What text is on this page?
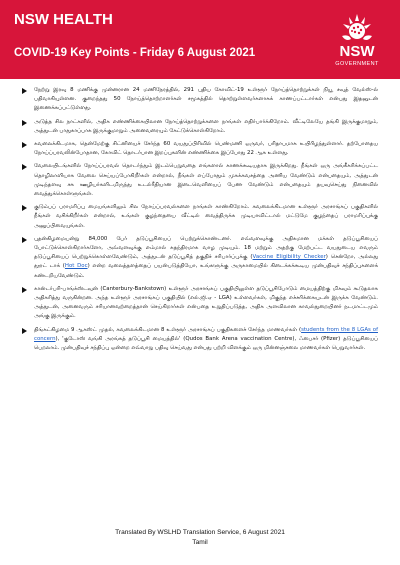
NSW HEALTH
COVID-19 Key Points - Friday 6 August 2021	NSW
GOVERNMENT
நேற்று இரவு 8 மணிக்கு முன்னரான 24 மணிநேரத்தில், 291 புதிய கோவிட்-19 உள்ளூர் நோய்த்தொற்றுக்கள் நியூ சவுத் வேல்ஸ்-ல் பதிவாகியுள்ளன. குறைந்தது 50 நோய்த்தொற்றாளர்கள் சமூகத்தில் தொற்றுள்ளவர்களாகக் காணப்பட்டார்கள் என்பது இதனுடன் இணைக்கப்பட்டுள்ளது.
அடுத்த சில நாட்களில், அதிக எண்ணிக்கையிலான நோய்த்தொற்றுக்களை நாங்கள் எதிர்பார்க்கிறோம். வீட்டிலேயே தங்கி இருக்குமாறும், அத்துடன் பாதுகாப்பாக இருக்குமாறும் அனைவரையும் கேட்டுக்கொள்கிறோம்.
கவலைக்கிடமாக, தென்மேற்கு சிட்னியைச் சேர்ந்த 60 வயதுப்பிரிவில் பெண்மணி ஒருவர், பரிதாபமாக உயிரிழந்துள்ளார். தற்போதைய நோய்ப்பரவலின்போதான, கோவிட் தொடர்பான இறப்புகளின் எண்ணிக்கை இப்போது 22 ஆக உள்ளது.
வேலையிடங்களில் நோய்ப்பரவல் தொடர்ந்தும் இடம்பெறுவதை எங்களால் காணக்கூடியதாக இருக்கிறது. நீங்கள் ஒரு அங்கீகரிக்கப்பட்ட தொழிலாளியாக வேலை செய்யப்போகிறீர்கள் என்றால், நீங்கள் எப்போதும் முகக்கவசத்தை அணிய வேண்டும் என்பதையும், அத்துடன் முடிந்தளவு சக ஊழியர்களிடமிருந்து உடல்ரீதியான இடைவெளியைப் பேண வேண்டும் என்பதையும் தயவுசெய்து நினைவில் வைத்துக்கொள்ளுங்கள்.
குடும்பப் பராமரிப்பு மையங்களிலும் சில நோய்ப்பரவல்களை நாங்கள் காண்கிறோம். கவலைக்கிடமான உள்ளூர் அரசாங்கப் பகுதிகளில் நீங்கள் வசிக்கிறீர்கள் என்றால், உங்கள் குழந்தையை வீட்டில் வைத்திருக்க முடியாவிட்டால் மட்டுமே குழந்தைப் பராமரிப்புக்கு அனுப்பிவையுங்கள்.
புதன்கிழமையன்று 84,000 பேர் தடுப்பூசியைப் பெற்றுக்கொண்டனர். எவ்வளவுக்கு அதிகமான மக்கள் தடுப்பூசியைப் போட்டுக்கொள்கிறார்களோ, அவ்வளவுக்கு எம்மால் சுதந்திரமாக வாழ முடியும். 18 மற்றும் அதற்கு மேற்பட்ட வயதுடைய எவரும் தடுப்பூசியைப் பெற்றுக்கொள்ளவேண்டும், அத்துடன் தடுப்பூசித் தகுதிச் சரிபார்ப்புக்கு (Vaccine Eligibility Checker) சென்றோ, அல்லது தூரட் டாக் (Hot Doc) என்ற வலைத்தளத்தைப் பயன்படுத்தியோ, உங்களுக்கு அருகாமையில் கிடைக்கக்கூடிய முன்பதிவுச் சந்திப்புகளைக் கண்டறியவேண்டும்.
கான்டர்பரி-பாங்க்ஸ்டவுன் (Canterbury-Bankstown) உள்ளூர் அரசாங்கப் பகுதியிலுள்ள தடுப்பூசிபோடும் மையத்திற்கு மிகவும் கூடுதலாக அதிகரித்து வருகின்றன. அந்த உள்ளூர் அரசாங்கப் பகுதியில் (எல்.ஜி.ஏ - LGA) உள்ளவர்கள், மிகுந்த எச்சரிக்கையுடன் இருக்க வேண்டும். அத்துடன், அனைவரும் சரியானவற்றைத்தான் செய்கிறார்கள் என்பதை உறுதிப்படுத்த, அதிக அளவிலான காவல்துறையினர் நடமாட்டமும் அங்கு இருக்கும்.
திங்கட்கிழமை 9 ஆகஸ்ட் முதல், கவலைக்கிடமான 8 உள்ளூர் அரசாங்கப் பகுதிகளைச் சேர்ந்த மாணவர்கள் (students from the 8 LGAs of concern), 'குடோஸ் வங்கி அரங்கத் தடுப்பூசி மையத்தில்' (Qudos Bank Arena vaccination Centre), ஃபைசர் (Pfizer) தடுப்பூசியைப் பெறலாம். முன்பதிவுச் சந்திப்பு ஒன்றை எவ்வாறு பதிவு செய்வது என்பது பற்றி விளக்கும் ஒரு மின்னஞ்சலை மாணவர்கள் பெறுவார்கள்.
Translated By WSLHD Translation Service, 6 August 2021
Tamil
